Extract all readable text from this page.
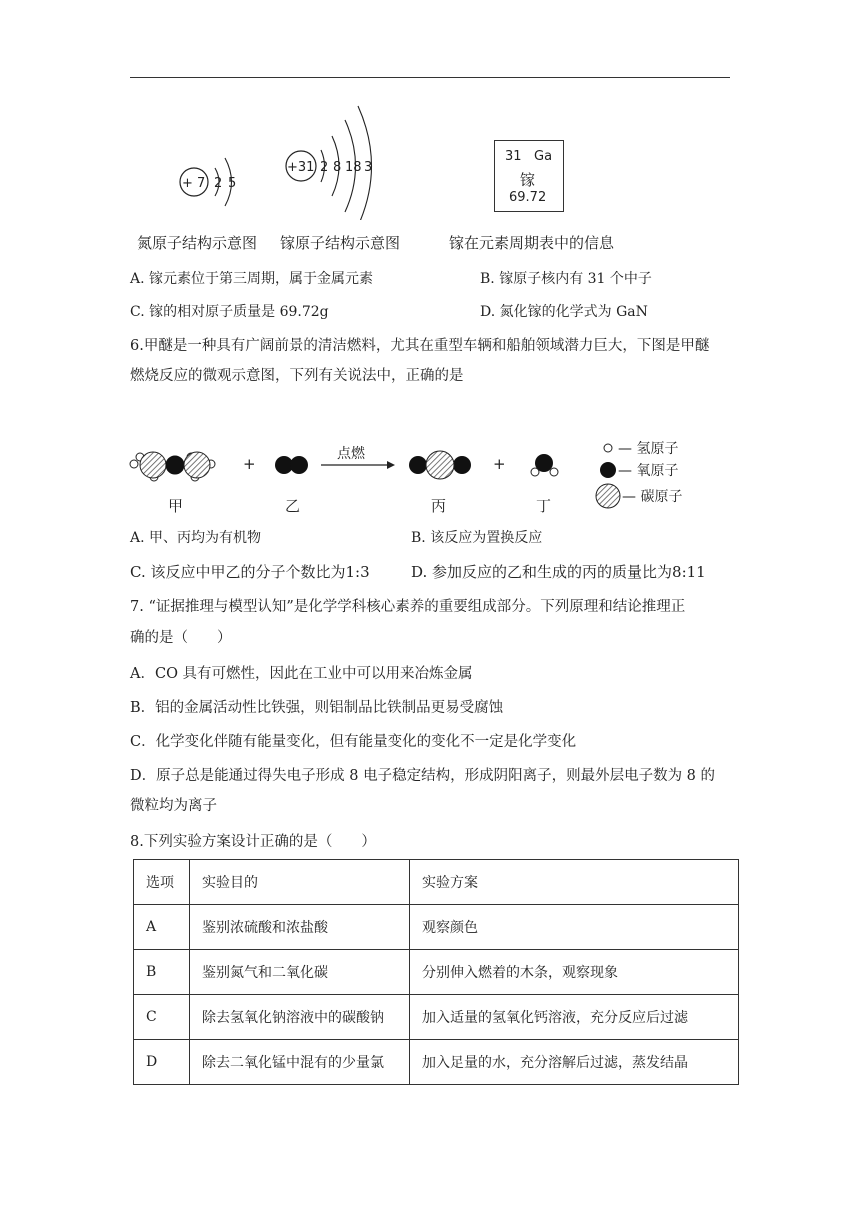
+ 7 2 5
+31 2 8 18 3
31 Ga
镓
69.72
氮原子结构示意图 镓原子结构示意图	镓在元素周期表中的信息
A. 镓元素位于第三周期，属于金属元素	B. 镓原子核内有 31 个中子
C. 镓的相对原子质量是 69.72g	D. 氮化镓的化学式为 GaN
6.甲醚是一种具有广阔前景的清洁燃料，尤其在重型车辆和船舶领域潜力巨大，下图是甲醚
燃烧反应的微观示意图，下列有关说法中，正确的是
+
点燃
+
— 氢原子
— 氧原子
— 碳原子
甲	乙	丙	丁
A. 甲、丙均为有机物	B. 该反应为置换反应
C. 该反应中甲乙的分子个数比为1:3	D. 参加反应的乙和生成的丙的质量比为8:11
7. “证据推理与模型认知”是化学学科核心素养的重要组成部分。下列原理和结论推理正
确的是（　　）
A．CO 具有可燃性，因此在工业中可以用来冶炼金属
B．铝的金属活动性比铁强，则铝制品比铁制品更易受腐蚀
C．化学变化伴随有能量变化，但有能量变化的变化不一定是化学变化
D．原子总是能通过得失电子形成 8 电子稳定结构，形成阴阳离子，则最外层电子数为 8 的
微粒均为离子
8.下列实验方案设计正确的是（　　）
选项	实验目的	实验方案
A	鉴别浓硫酸和浓盐酸	观察颜色
B	鉴别氮气和二氧化碳	分别伸入燃着的木条，观察现象
C	除去氢氧化钠溶液中的碳酸钠	加入适量的氢氧化钙溶液，充分反应后过滤
D	除去二氧化锰中混有的少量氯	加入足量的水，充分溶解后过滤，蒸发结晶
